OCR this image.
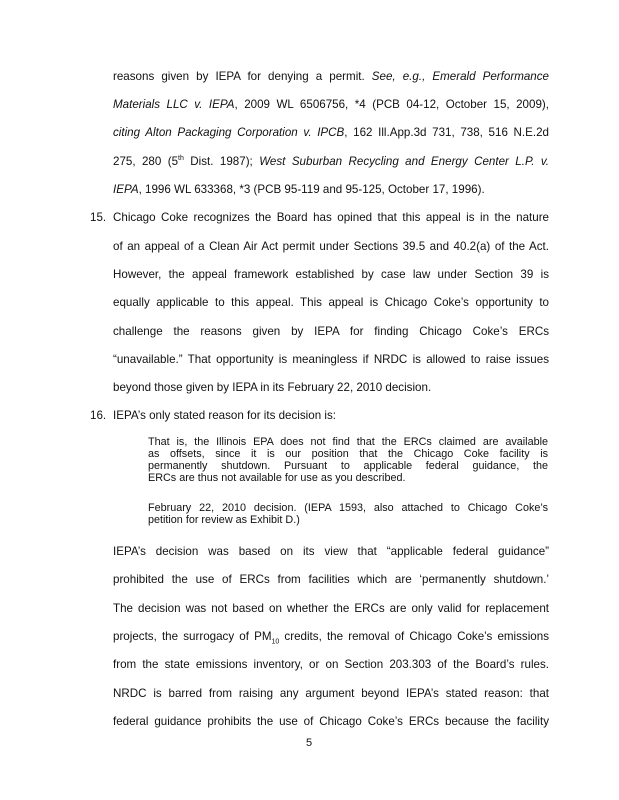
reasons given by IEPA for denying a permit. See, e.g., Emerald Performance
Materials LLC v. IEPA, 2009 WL 6506756, *4 (PCB 04-12, October 15, 2009),
citing Alton Packaging Corporation v. IPCB, 162 Ill.App.3d 731, 738, 516 N.E.2d
275, 280 (5th Dist. 1987); West Suburban Recycling and Energy Center L.P. v.
IEPA, 1996 WL 633368, *3 (PCB 95-119 and 95-125, October 17, 1996).
15. Chicago Coke recognizes the Board has opined that this appeal is in the nature
of an appeal of a Clean Air Act permit under Sections 39.5 and 40.2(a) of the Act.
However, the appeal framework established by case law under Section 39 is
equally applicable to this appeal. This appeal is Chicago Coke’s opportunity to
challenge the reasons given by IEPA for finding Chicago Coke’s ERCs
“unavailable.” That opportunity is meaningless if NRDC is allowed to raise issues
beyond those given by IEPA in its February 22, 2010 decision.
16. IEPA’s only stated reason for its decision is:
That is, the Illinois EPA does not find that the ERCs claimed are available
as offsets, since it is our position that the Chicago Coke facility is
permanently shutdown. Pursuant to applicable federal guidance, the
ERCs are thus not available for use as you described.
February 22, 2010 decision. (IEPA 1593, also attached to Chicago Coke’s
petition for review as Exhibit D.)
IEPA’s decision was based on its view that “applicable federal guidance”
prohibited the use of ERCs from facilities which are ‘permanently shutdown.’
The decision was not based on whether the ERCs are only valid for replacement
projects, the surrogacy of $PM_{10}$ credits, the removal of Chicago Coke’s emissions
from the state emissions inventory, or on Section 203.303 of the Board’s rules.
NRDC is barred from raising any argument beyond IEPA’s stated reason: that
federal guidance prohibits the use of Chicago Coke’s ERCs because the facility
5
